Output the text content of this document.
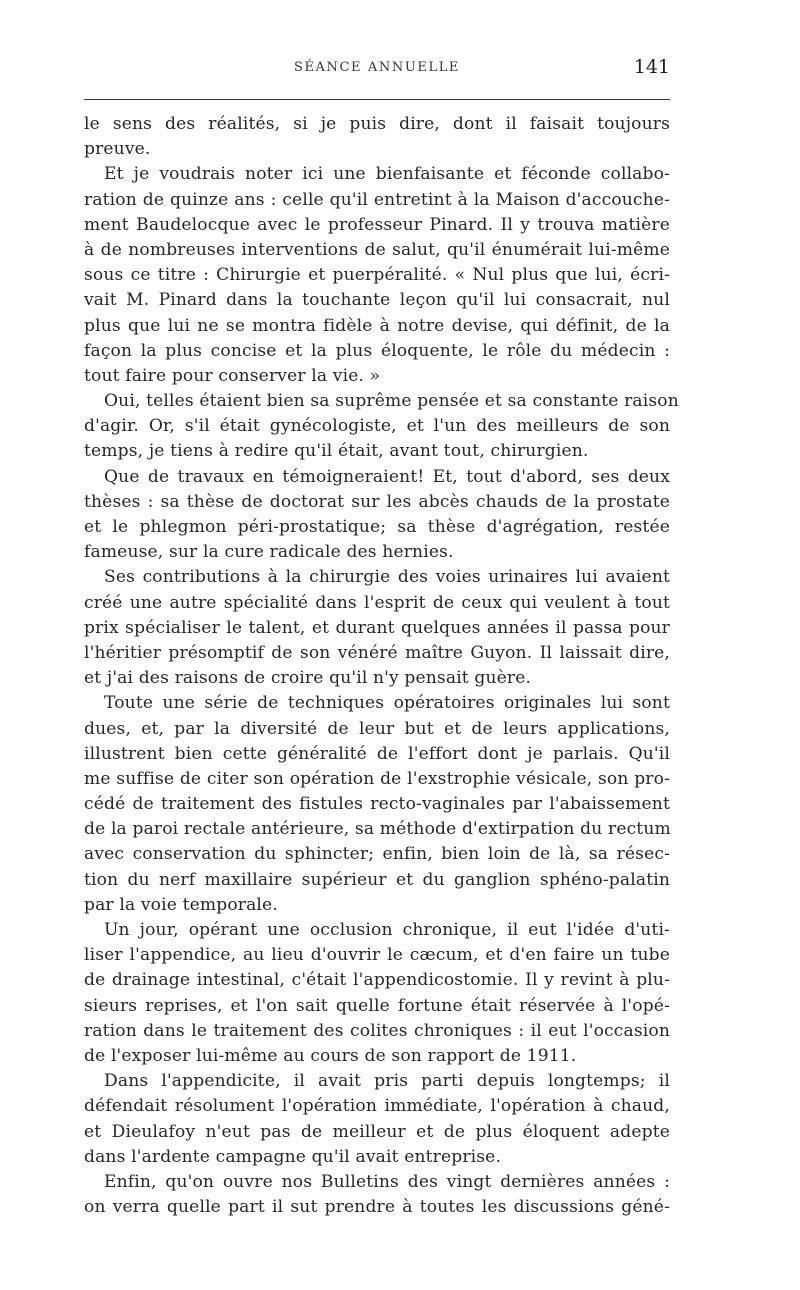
SÉANCE ANNUELLE	141
le sens des réalités, si je puis dire, dont il faisait toujours
preuve.
Et je voudrais noter ici une bienfaisante et féconde collabo-
ration de quinze ans : celle qu'il entretint à la Maison d'accouche-
ment Baudelocque avec le professeur Pinard. Il y trouva matière
à de nombreuses interventions de salut, qu'il énumérait lui-même
sous ce titre : Chirurgie et puerpéralité. « Nul plus que lui, écri-
vait M. Pinard dans la touchante leçon qu'il lui consacrait, nul
plus que lui ne se montra fidèle à notre devise, qui définit, de la
façon la plus concise et la plus éloquente, le rôle du médecin :
tout faire pour conserver la vie. »
Oui, telles étaient bien sa suprême pensée et sa constante raison
d'agir. Or, s'il était gynécologiste, et l'un des meilleurs de son
temps, je tiens à redire qu'il était, avant tout, chirurgien.
Que de travaux en témoigneraient! Et, tout d'abord, ses deux
thèses : sa thèse de doctorat sur les abcès chauds de la prostate
et le phlegmon péri-prostatique; sa thèse d'agrégation, restée
fameuse, sur la cure radicale des hernies.
Ses contributions à la chirurgie des voies urinaires lui avaient
créé une autre spécialité dans l'esprit de ceux qui veulent à tout
prix spécialiser le talent, et durant quelques années il passa pour
l'héritier présomptif de son vénéré maître Guyon. Il laissait dire,
et j'ai des raisons de croire qu'il n'y pensait guère.
Toute une série de techniques opératoires originales lui sont
dues, et, par la diversité de leur but et de leurs applications,
illustrent bien cette généralité de l'effort dont je parlais. Qu'il
me suffise de citer son opération de l'exstrophie vésicale, son pro-
cédé de traitement des fistules recto-vaginales par l'abaissement
de la paroi rectale antérieure, sa méthode d'extirpation du rectum
avec conservation du sphincter; enfin, bien loin de là, sa résec-
tion du nerf maxillaire supérieur et du ganglion sphéno-palatin
par la voie temporale.
Un jour, opérant une occlusion chronique, il eut l'idée d'uti-
liser l'appendice, au lieu d'ouvrir le cæcum, et d'en faire un tube
de drainage intestinal, c'était l'appendicostomie. Il y revint à plu-
sieurs reprises, et l'on sait quelle fortune était réservée à l'opé-
ration dans le traitement des colites chroniques : il eut l'occasion
de l'exposer lui-même au cours de son rapport de 1911.
Dans l'appendicite, il avait pris parti depuis longtemps; il
défendait résolument l'opération immédiate, l'opération à chaud,
et Dieulafoy n'eut pas de meilleur et de plus éloquent adepte
dans l'ardente campagne qu'il avait entreprise.
Enfin, qu'on ouvre nos Bulletins des vingt dernières années :
on verra quelle part il sut prendre à toutes les discussions géné-
